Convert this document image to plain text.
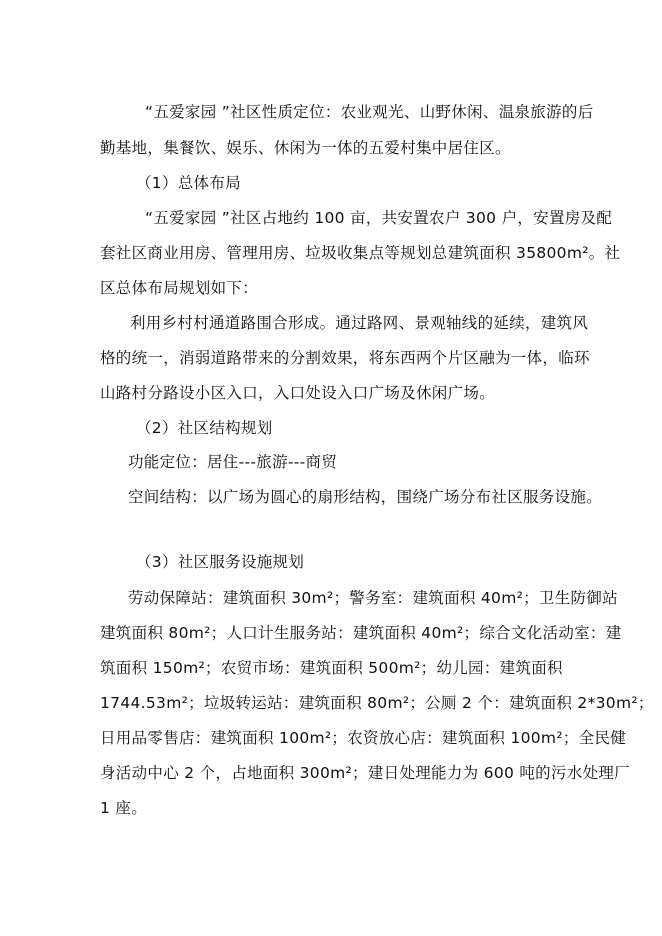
“五爱家园 ”社区性质定位：农业观光、山野休闲、温泉旅游的后
勤基地，集餐饮、娱乐、休闲为一体的五爱村集中居住区。
（1）总体布局
“五爱家园 ”社区占地约 100 亩，共安置农户 300 户，安置房及配
套社区商业用房、管理用房、垃圾收集点等规划总建筑面积 35800m²。社
区总体布局规划如下：
利用乡村村通道路围合形成。通过路网、景观轴线的延续，建筑风
格的统一，消弱道路带来的分割效果，将东西两个片区融为一体，临环
山路村分路设小区入口，入口处设入口广场及休闲广场。
（2）社区结构规划
功能定位：居住---旅游---商贸
空间结构：以广场为圆心的扇形结构，围绕广场分布社区服务设施。
（3）社区服务设施规划
劳动保障站：建筑面积 30m²；警务室：建筑面积 40m²；卫生防御站
建筑面积 80m²；人口计生服务站：建筑面积 40m²；综合文化活动室：建
筑面积 150m²；农贸市场：建筑面积 500m²；幼儿园：建筑面积
1744.53m²；垃圾转运站：建筑面积 80m²；公厕 2 个：建筑面积 2*30m²；
日用品零售店：建筑面积 100m²；农资放心店：建筑面积 100m²；全民健
身活动中心 2 个，占地面积 300m²；建日处理能力为 600 吨的污水处理厂
1 座。
